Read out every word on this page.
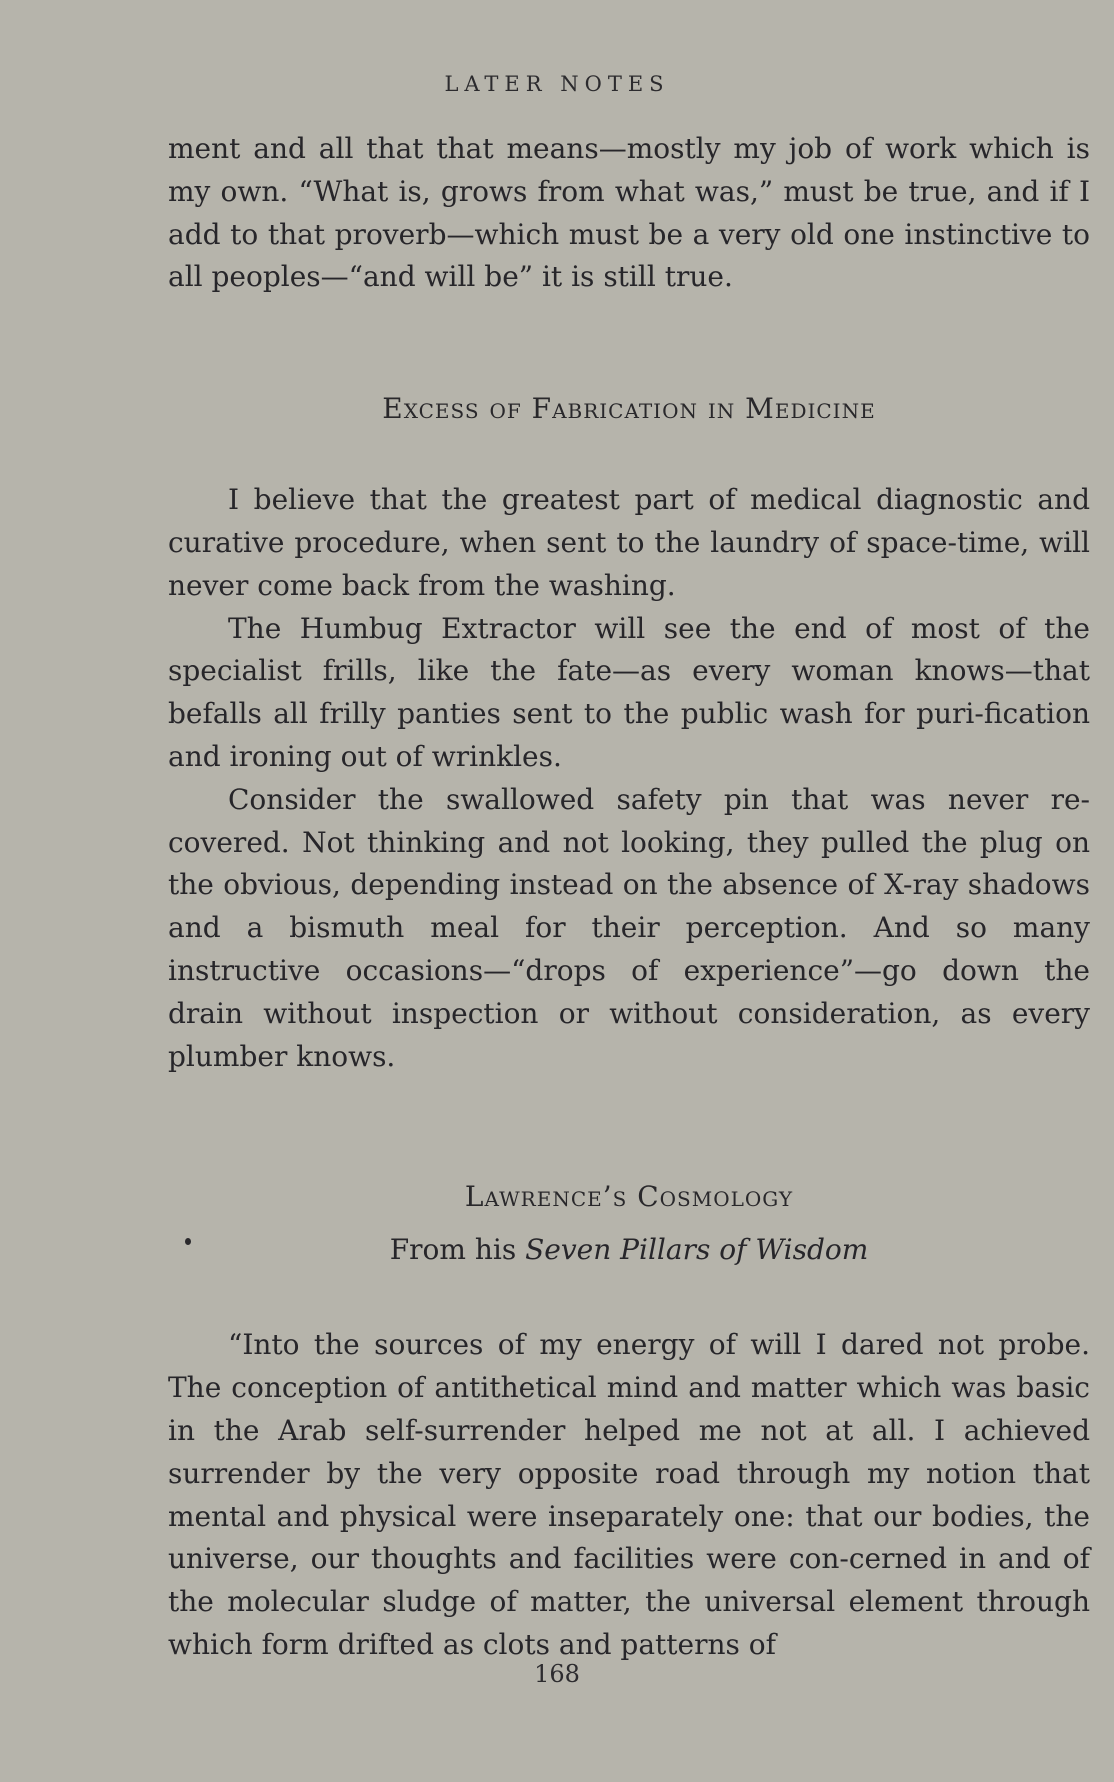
LATER NOTES

ment and all that that means—mostly my job of work which is my own. “What is, grows from what was,” must be true, and if I add to that proverb—which must be a very old one instinctive to all peoples—“and will be” it is still true.

Excess of Fabrication in Medicine

I believe that the greatest part of medical diagnostic and curative procedure, when sent to the laundry of space-time, will never come back from the washing.

The Humbug Extractor will see the end of most of the specialist frills, like the fate—as every woman knows—that befalls all frilly panties sent to the public wash for puri-fication and ironing out of wrinkles.

Consider the swallowed safety pin that was never re-covered. Not thinking and not looking, they pulled the plug on the obvious, depending instead on the absence of X-ray shadows and a bismuth meal for their perception. And so many instructive occasions—“drops of experience”—go down the drain without inspection or without consideration, as every plumber knows.

Lawrence’s Cosmology
From his Seven Pillars of Wisdom

“Into the sources of my energy of will I dared not probe. The conception of antithetical mind and matter which was basic in the Arab self-surrender helped me not at all. I achieved surrender by the very opposite road through my notion that mental and physical were inseparately one: that our bodies, the universe, our thoughts and facilities were con-cerned in and of the molecular sludge of matter, the universal element through which form drifted as clots and patterns of

168
